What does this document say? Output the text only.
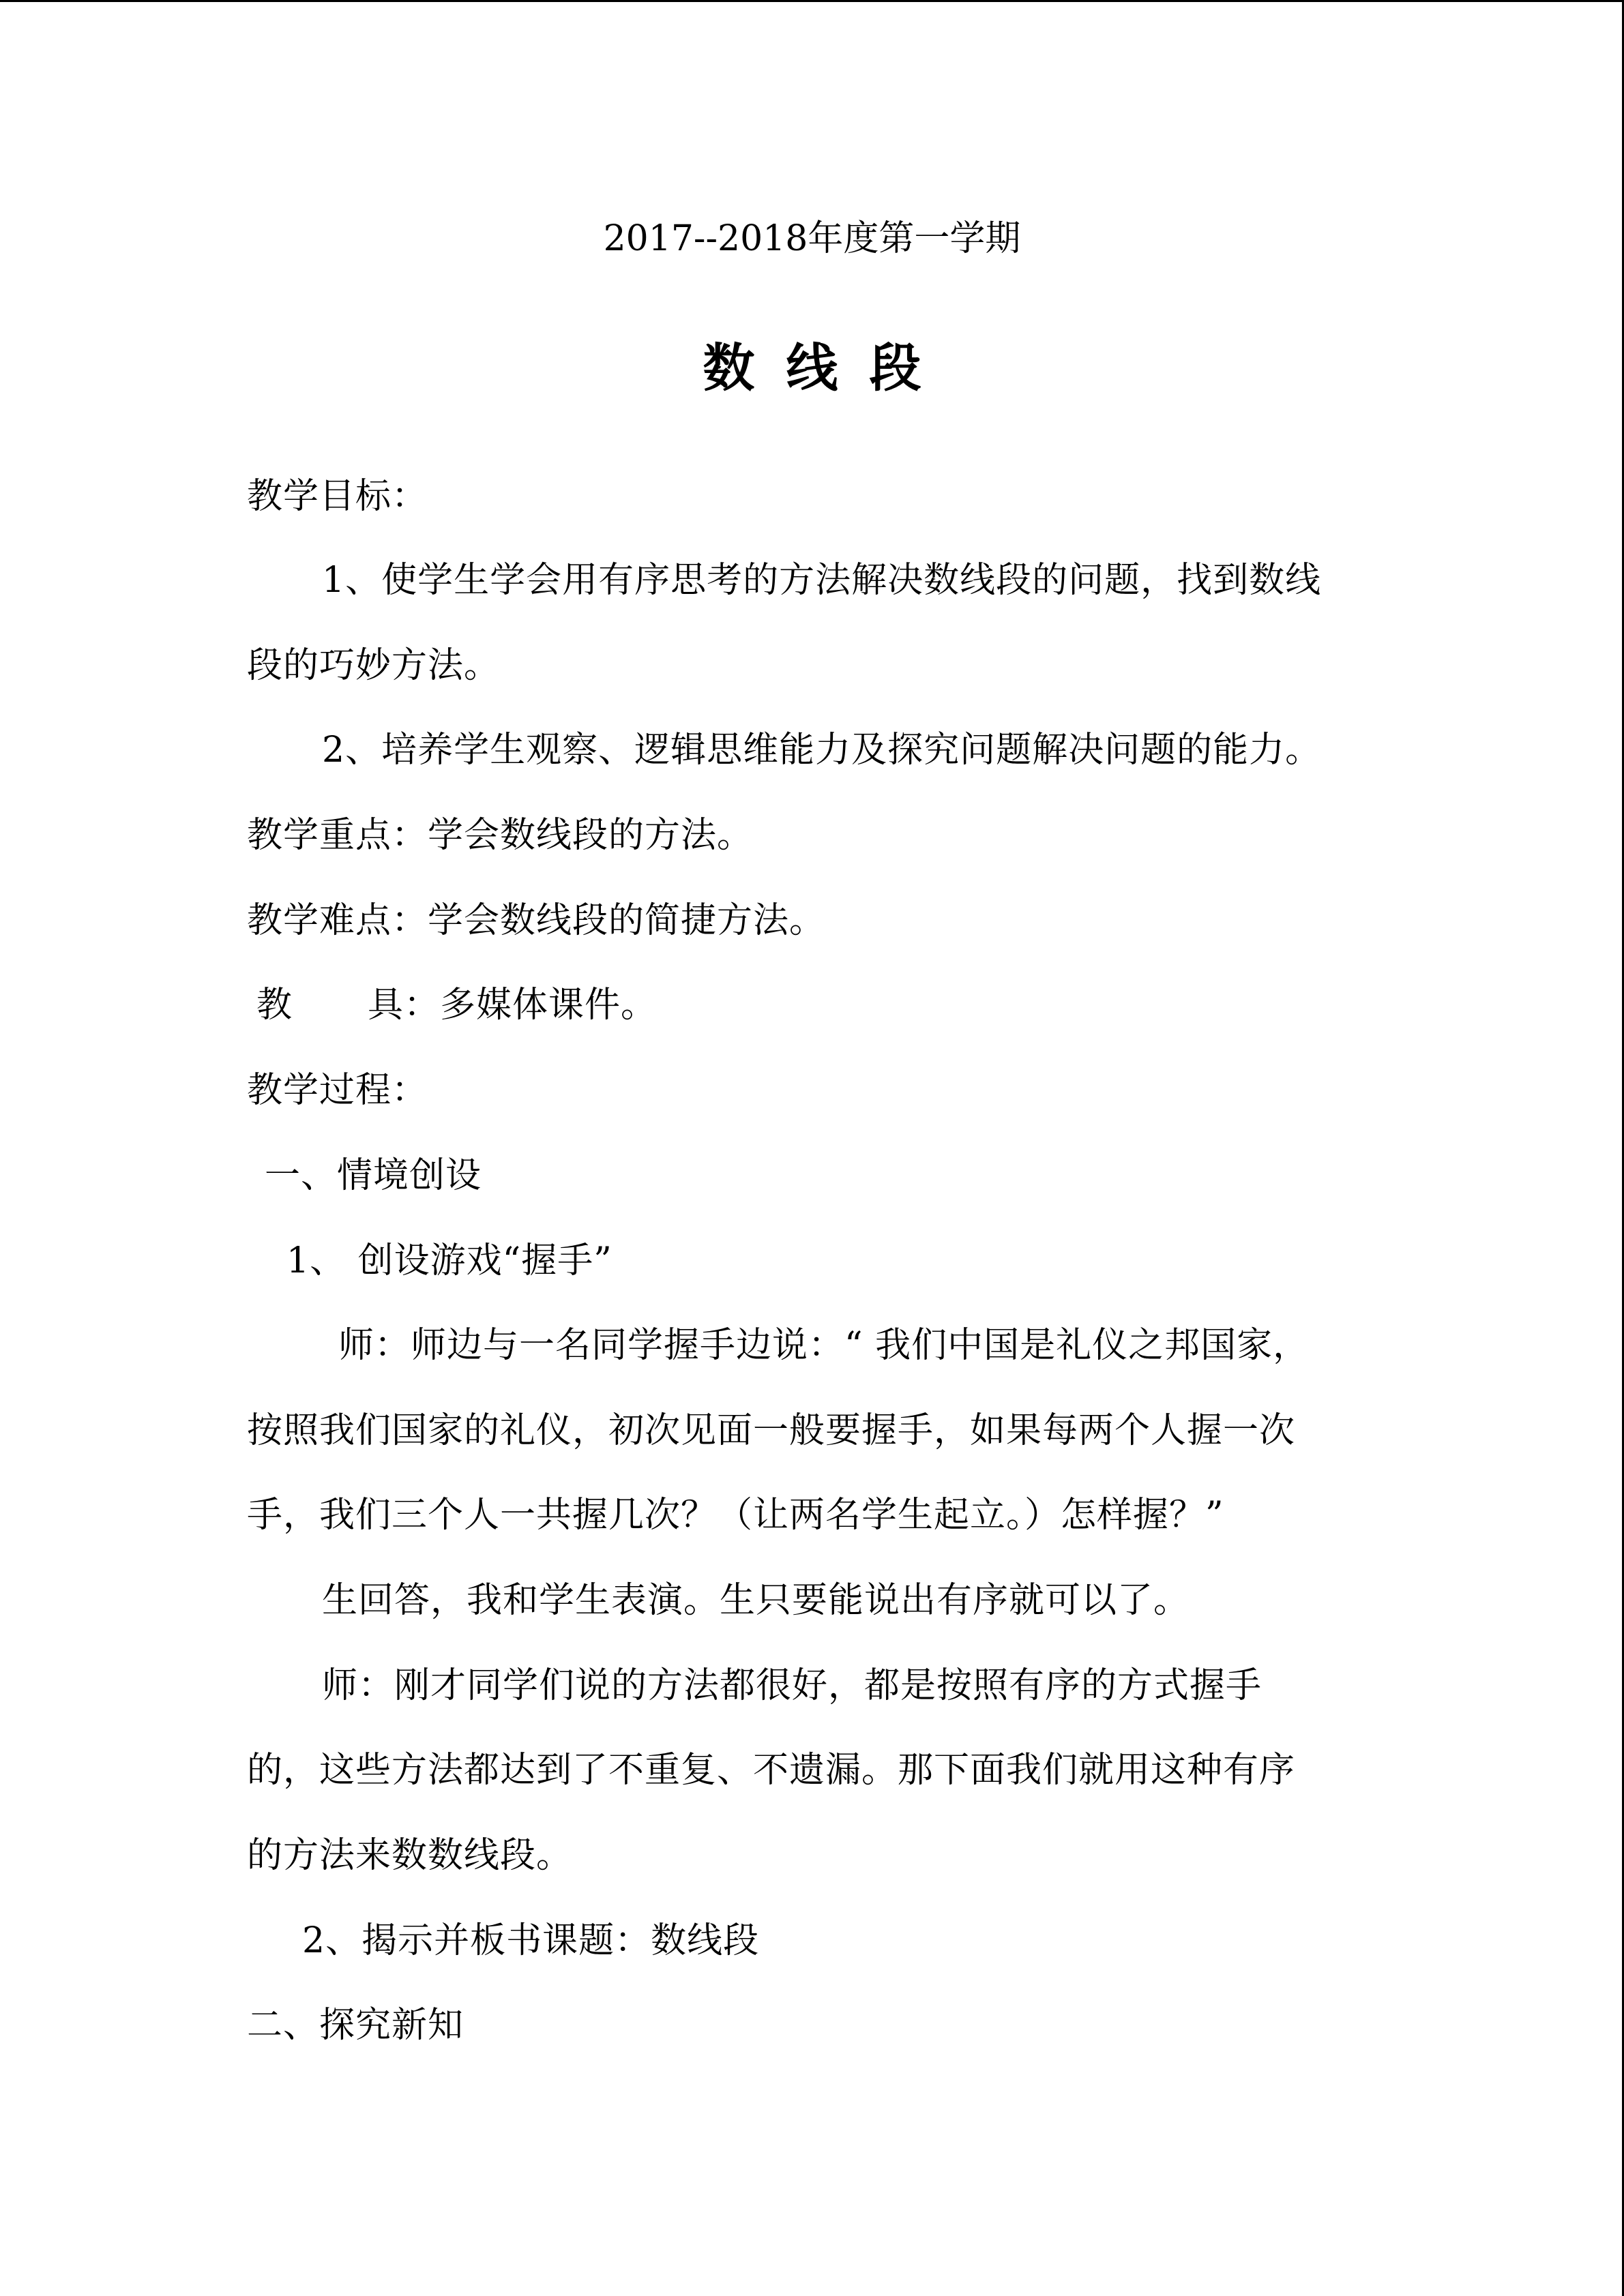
2017--2018年度第一学期
数线段
教学目标：
1、使学生学会用有序思考的方法解决数线段的问题，找到数线
段的巧妙方法。
2、培养学生观察、逻辑思维能力及探究问题解决问题的能力。
教学重点：学会数线段的方法。
教学难点：学会数线段的简捷方法。
教 具：多媒体课件。
教学过程：
一、情境创设
1、 创设游戏“握手”
师：师边与一名同学握手边说：“ 我们中国是礼仪之邦国家，
按照我们国家的礼仪，初次见面一般要握手，如果每两个人握一次
手，我们三个人一共握几次？（让两名学生起立。）怎样握？”
生回答，我和学生表演。生只要能说出有序就可以了。
师：刚才同学们说的方法都很好，都是按照有序的方式握手
的，这些方法都达到了不重复、不遗漏。那下面我们就用这种有序
的方法来数数线段。
2、揭示并板书课题：数线段
二、探究新知
